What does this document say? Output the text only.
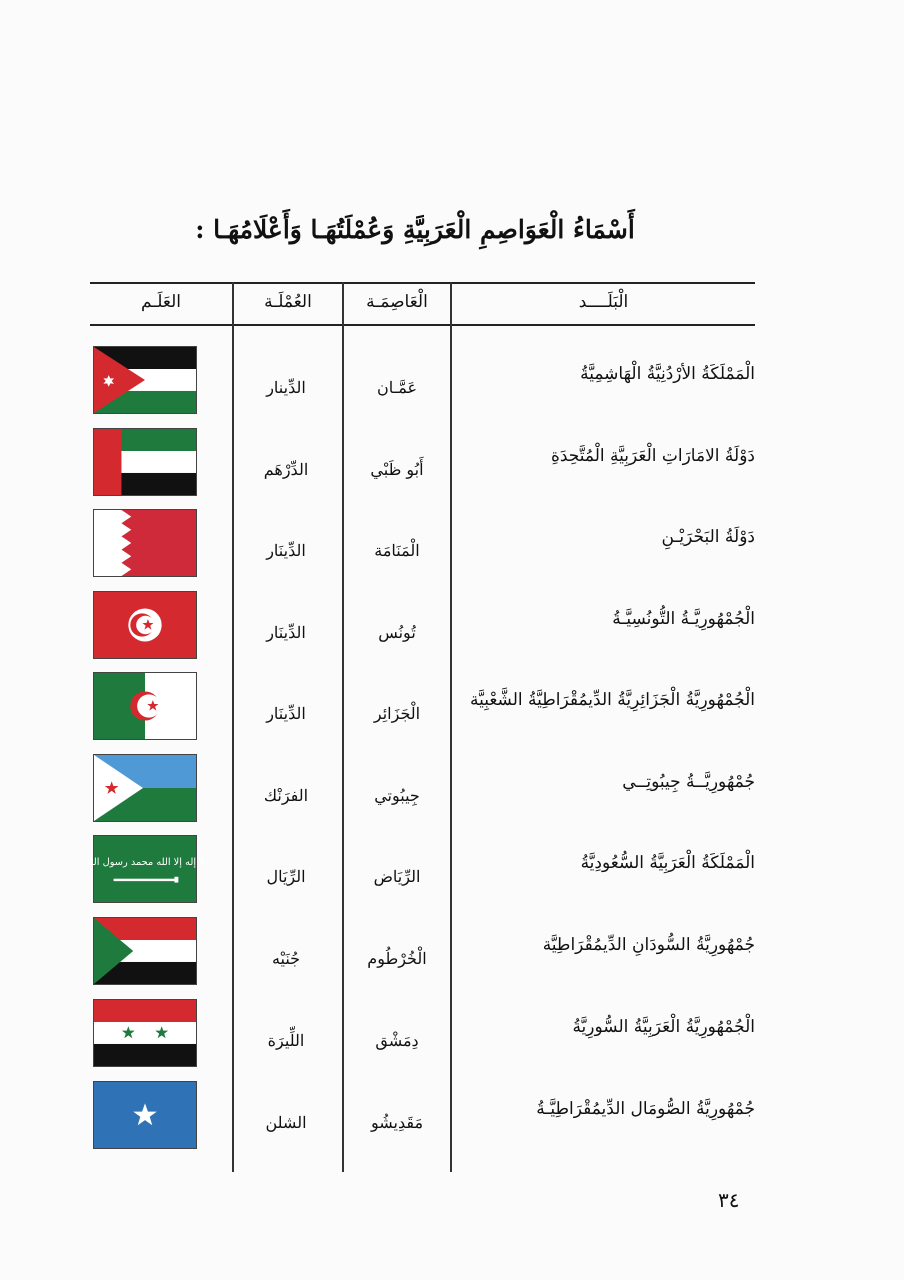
أَسْمَاءُ الْعَوَاصِمِ الْعَرَبِيَّةِ وَعُمْلَتُهَـا وَأَعْلَامُهَـا :
الْبَلَــــد
الْعَاصِمَـة
العُمْلَـة
العَلَـم
الْمَمْلَكَةُ الأرْدُنِيَّةُ الْهَاشِمِيَّةُ
عَمَّـان
الدِّينار
دَوْلَةُ الامَارَاتِ الْعَرَبِيَّةِ الْمُتَّحِدَةِ
أَبُو ظَبْي
الدِّرْهَم
دَوْلَةُ البَحْرَيْـنِ
الْمَنَامَة
الدِّينَار
الْجُمْهُورِيَّـةُ التُّونُسِيَّـةُ
تُونُس
الدِّينَار
الْجُمْهُورِيَّةُ الْجَزَائِرِيَّةُ الدِّيمُقْرَاطِيَّةُ الشَّعْبِيَّة
الْجَزَائِر
الدِّينَار
جُمْهُورِيَّــةُ جِيبُوتِــي
جِيبُوتي
الفرَنْك
الْمَمْلَكَةُ الْعَرَبِيَّةُ السُّعُودِيَّةُ
الرِّيَاض
الرِّيَال
لا إله إلا الله محمد رسول الله
جُمْهُورِيَّةُ السُّودَانِ الدِّيمُقْرَاطِيَّة
الْخُرْطُوم
جُنَيْه
الْجُمْهُورِيَّةُ الْعَرَبِيَّةُ السُّورِيَّةُ
دِمَشْق
اللِّيرَة
جُمْهُورِيَّةُ الصُّومَال الدِّيمُقْرَاطِيَّـةُ
مَقَدِيشُو
الشلن
٣٤
